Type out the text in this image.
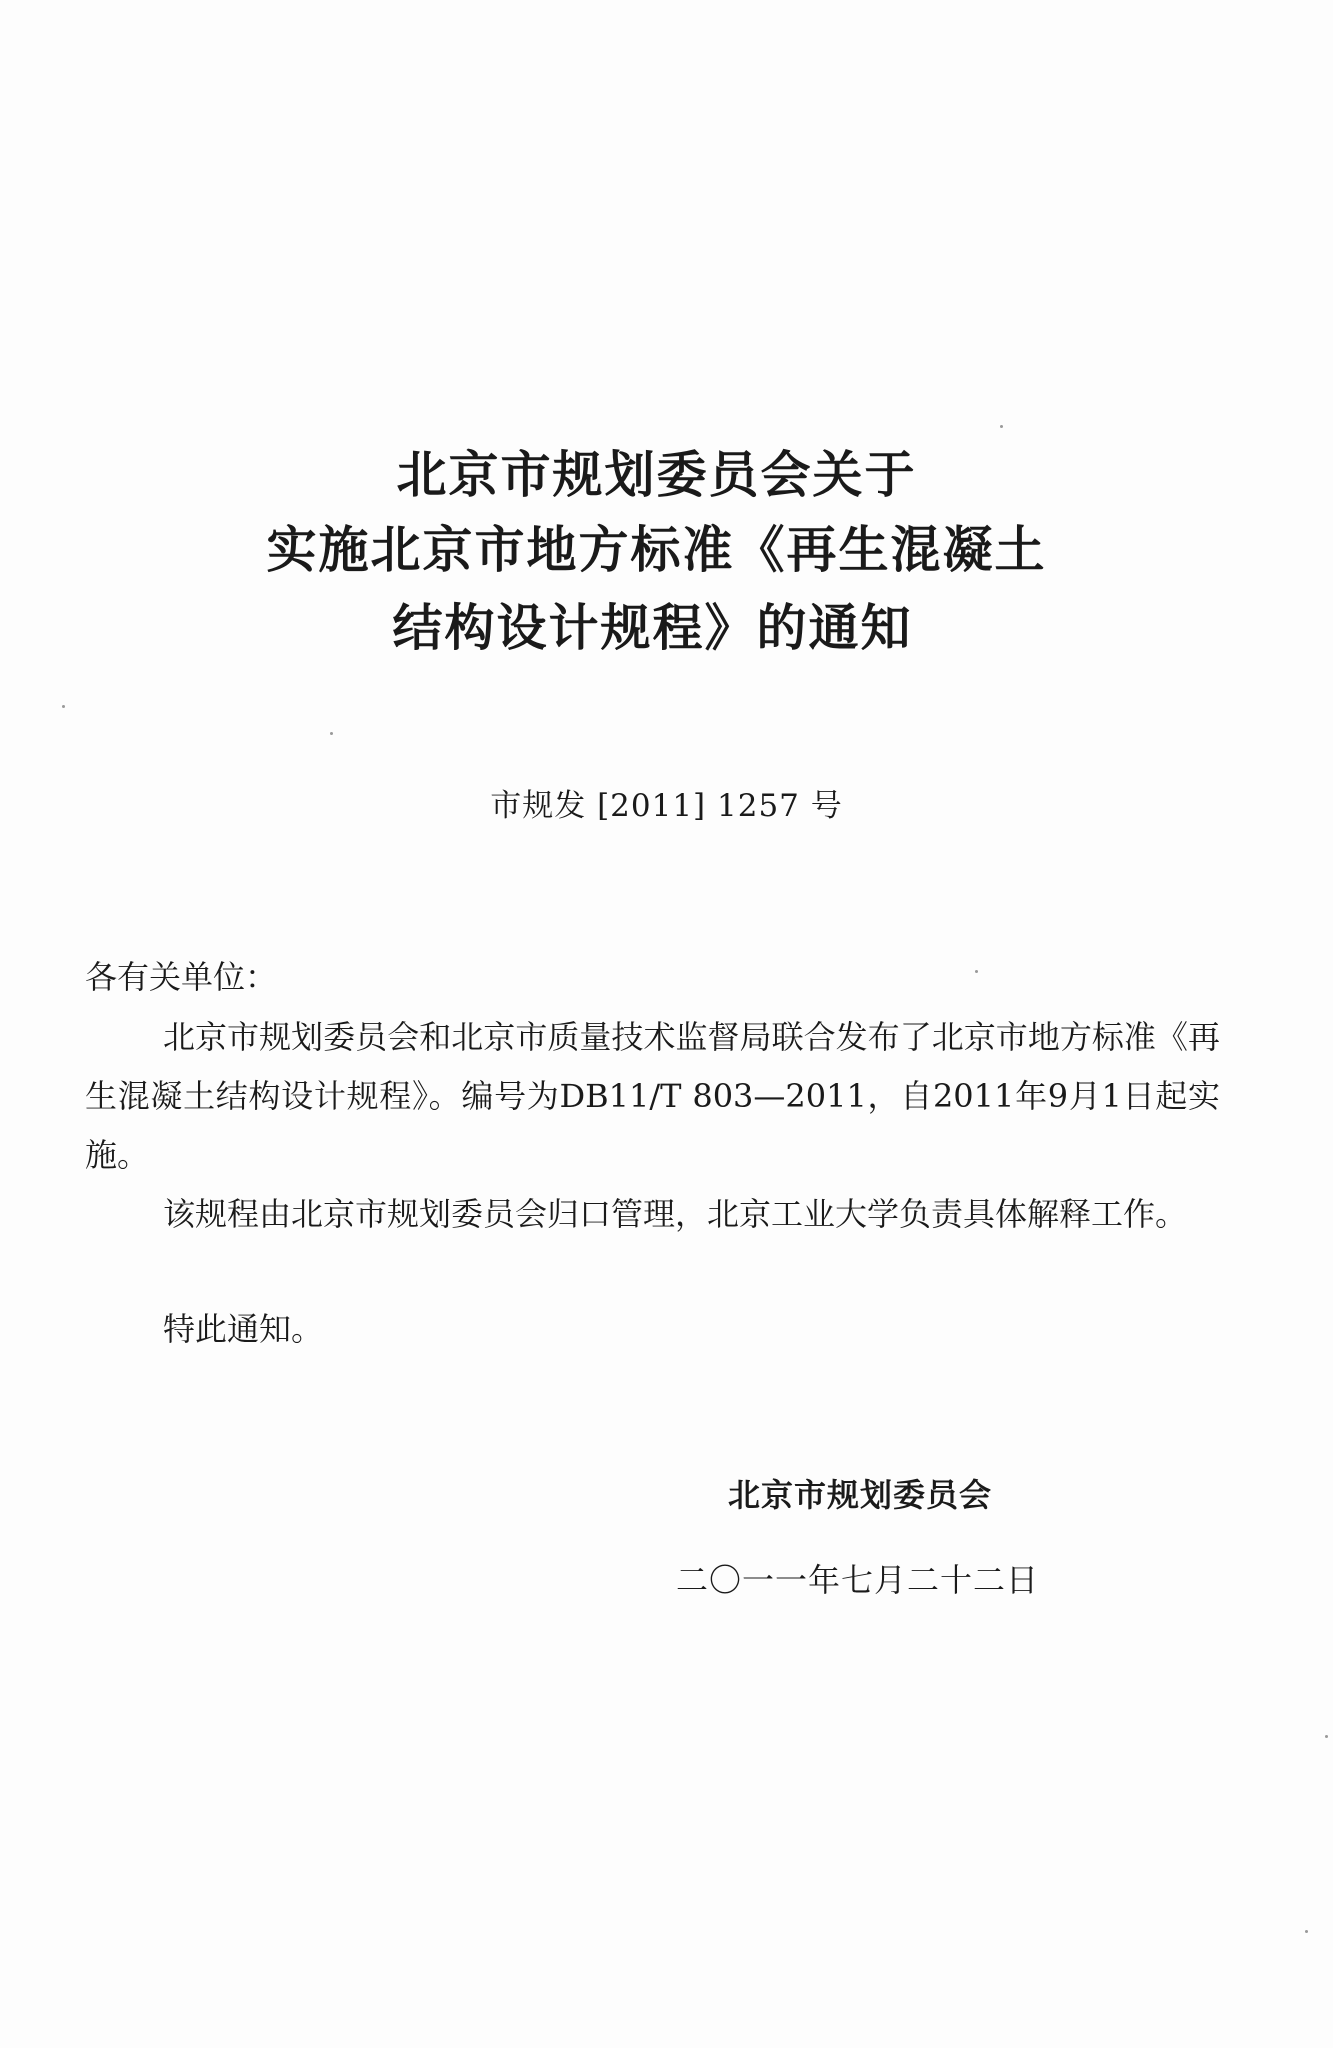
北京市规划委员会关于
实施北京市地方标准《再生混凝土
结构设计规程》的通知
市规发 [2011] 1257 号
各有关单位：

北京市规划委员会和北京市质量技术监督局联合发布了北京市地方标准《再生混凝土结构设计规程》。编号为DB11/T 803—2011，自2011年9月1日起实施。

该规程由北京市规划委员会归口管理，北京工业大学负责具体解释工作。

特此通知。

北京市规划委员会
二〇一一年七月二十二日
